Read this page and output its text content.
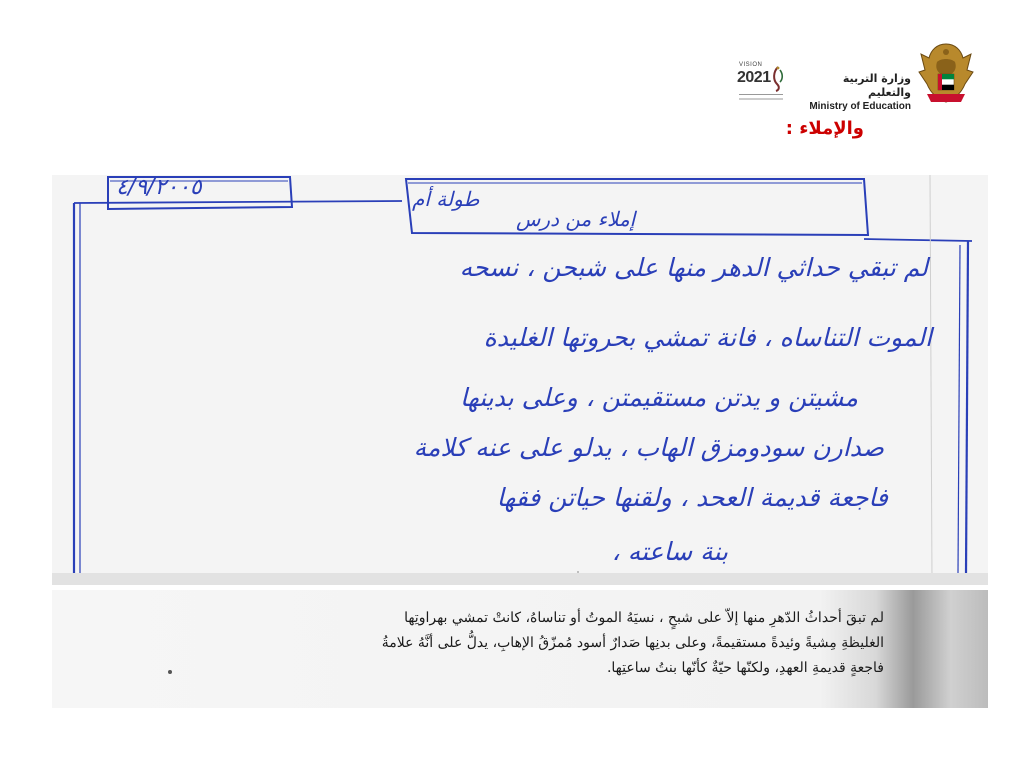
VISION
2021	وزارة التربية والتعليم
Ministry of Education
والإملاء :
٤/٩/٢٠٠٥	طولة أم
إملاء من درس
لم تبقي حداثي الدهر منها على شبحن ، نسحه
الموت التناساه ، فانة تمشي بحروتها الغليدة
مشيتن و يدتن مستقيمتن ، وعلى بدينها
صدارن سودومزق الهاب ، يدلو على عنه كلامة
فاجعة قديمة العحد ، ولقنها حياتن فقها
بنة ساعته ،
لم تبقَ أحداثُ الدّهرِ منها إلاّ على شبحٍ ، نسيَهُ الموتُ أو تناساهُ، كانتْ تمشي بهراوتِها
الغليظةِ مِشيةً وئيدةً مستقيمةً، وعلى بدنِها صَدارٌ أسود مُمزّقُ الإهابِ، يدلُّ على أنَّهُ علامةُ
فاجعةٍ قديمةِ العهدِ، ولكنّها حيّةٌ كأنّها بنتُ ساعتِها.
